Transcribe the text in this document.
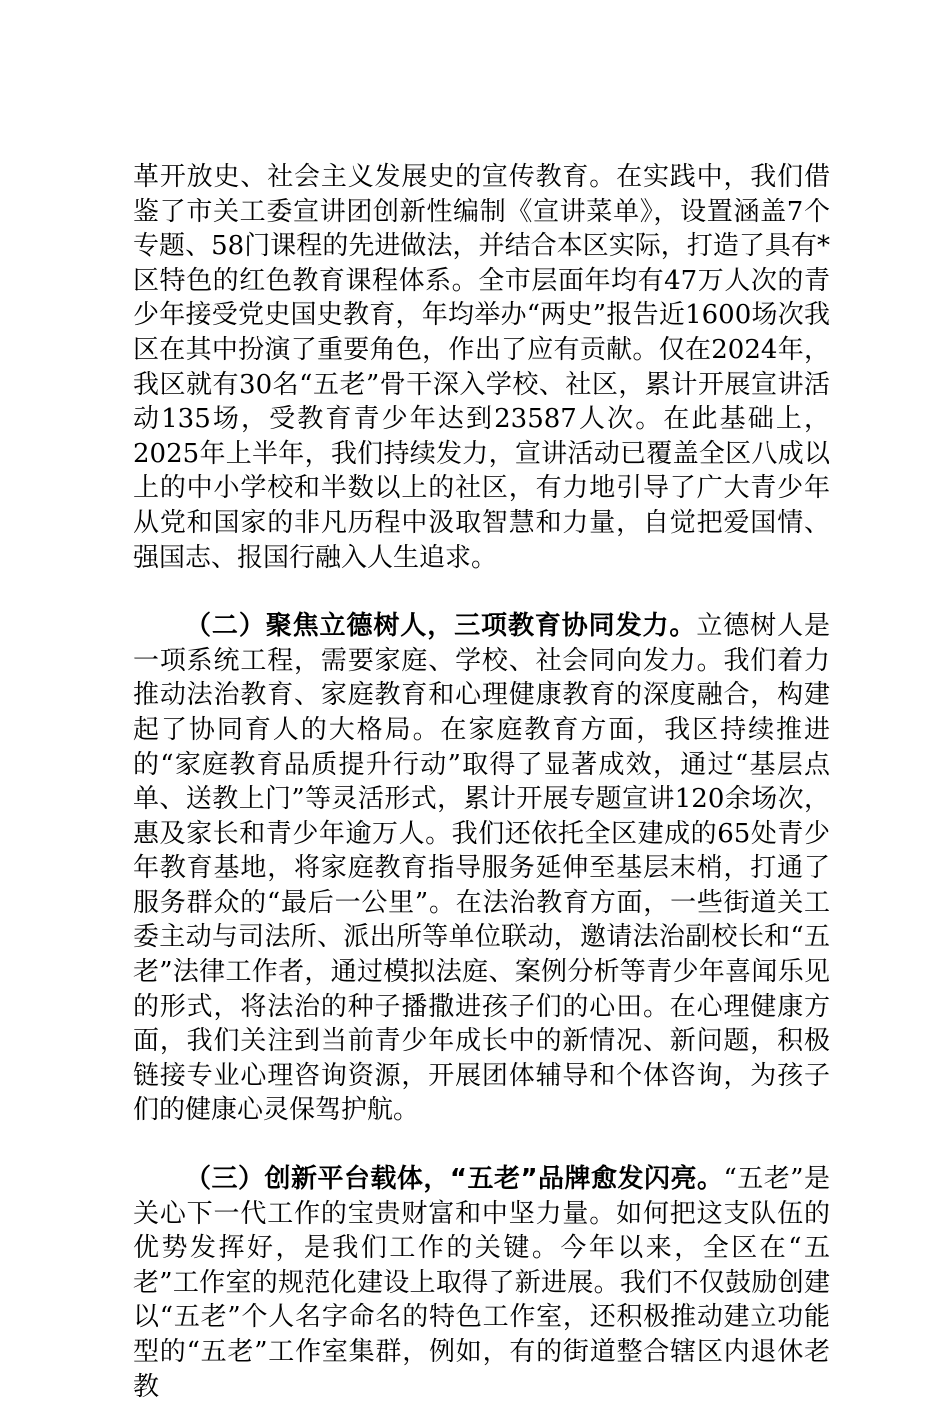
革开放史、社会主义发展史的宣传教育。在实践中，我们借鉴了市关工委宣讲团创新性编制《宣讲菜单》，设置涵盖7个专题、58门课程的先进做法，并结合本区实际，打造了具有*区特色的红色教育课程体系。全市层面年均有47万人次的青少年接受党史国史教育，年均举办“两史”报告近1600场次我区在其中扮演了重要角色，作出了应有贡献。仅在2024年，我区就有30名“五老”骨干深入学校、社区，累计开展宣讲活动135场，受教育青少年达到23587人次。在此基础上，2025年上半年，我们持续发力，宣讲活动已覆盖全区八成以上的中小学校和半数以上的社区，有力地引导了广大青少年从党和国家的非凡历程中汲取智慧和力量，自觉把爱国情、强国志、报国行融入人生追求。

（二）聚焦立德树人，三项教育协同发力。立德树人是一项系统工程，需要家庭、学校、社会同向发力。我们着力推动法治教育、家庭教育和心理健康教育的深度融合，构建起了协同育人的大格局。在家庭教育方面，我区持续推进的“家庭教育品质提升行动”取得了显著成效，通过“基层点单、送教上门”等灵活形式，累计开展专题宣讲120余场次，惠及家长和青少年逾万人。我们还依托全区建成的65处青少年教育基地，将家庭教育指导服务延伸至基层末梢，打通了服务群众的“最后一公里”。在法治教育方面，一些街道关工委主动与司法所、派出所等单位联动，邀请法治副校长和“五老”法律工作者，通过模拟法庭、案例分析等青少年喜闻乐见的形式，将法治的种子播撒进孩子们的心田。在心理健康方面，我们关注到当前青少年成长中的新情况、新问题，积极链接专业心理咨询资源，开展团体辅导和个体咨询，为孩子们的健康心灵保驾护航。

（三）创新平台载体，“五老”品牌愈发闪亮。“五老”是关心下一代工作的宝贵财富和中坚力量。如何把这支队伍的优势发挥好，是我们工作的关键。今年以来，全区在“五老”工作室的规范化建设上取得了新进展。我们不仅鼓励创建以“五老”个人名字命名的特色工作室，还积极推动建立功能型的“五老”工作室集群，例如，有的街道整合辖区内退休老教
